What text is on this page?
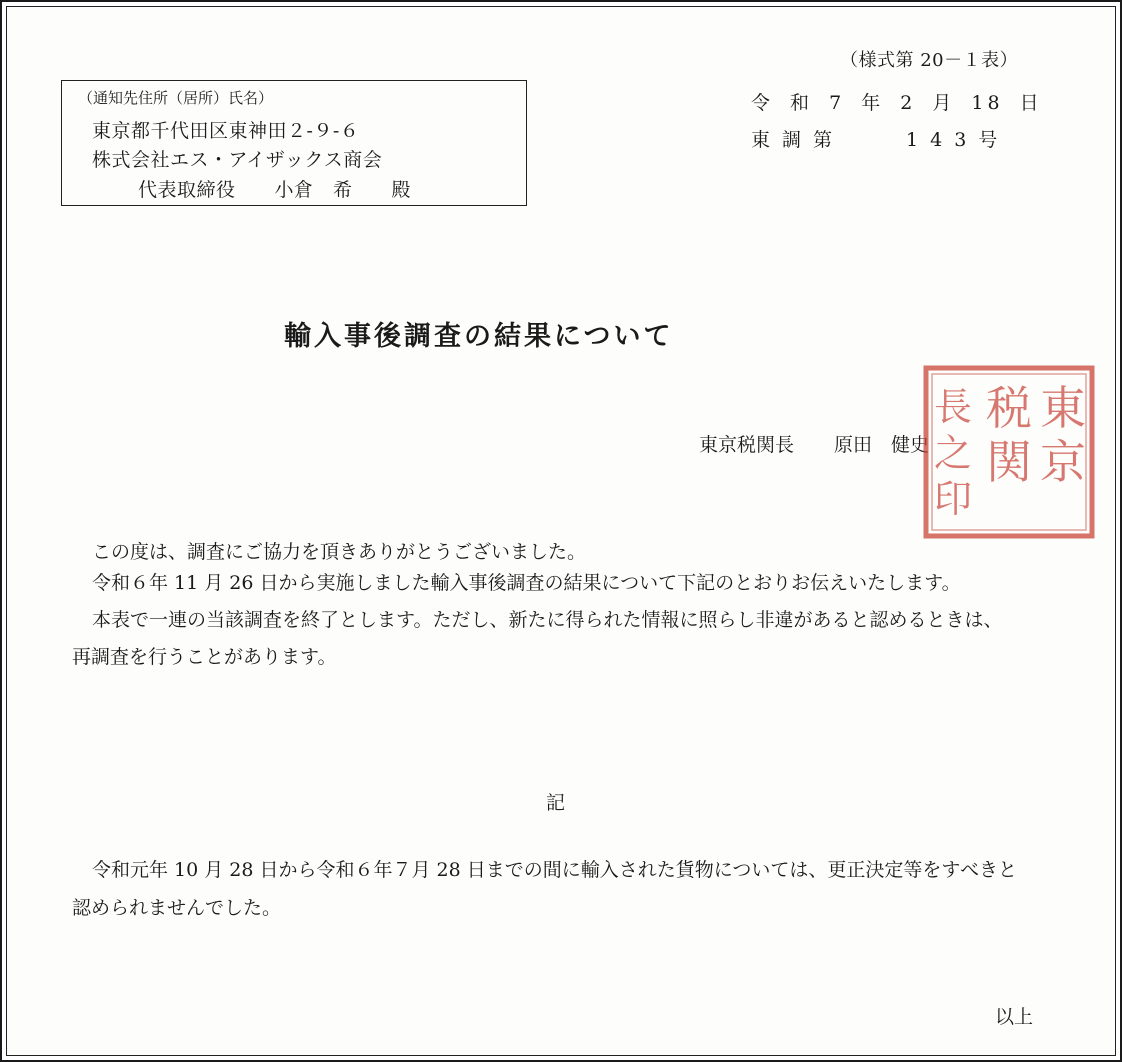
（様式第 20－１表）
（通知先住所（居所）氏名）
東京都千代田区東神田２‐９‐６
株式会社エス・アイザックス商会
代表取締役　　小倉　希　　殿
令 和 7 年 2 月 18 日
東調第	143号
輸入事後調査の結果について
東京税関長 原田　健史
東
京
税
関
長
之
印
この度は、調査にご協力を頂きありがとうございました。
令和６年 11 月 26 日から実施しました輸入事後調査の結果について下記のとおりお伝えいたします。
本表で一連の当該調査を終了とします。ただし、新たに得られた情報に照らし非違があると認めるときは、
再調査を行うことがあります。
記
令和元年 10 月 28 日から令和６年７月 28 日までの間に輸入された貨物については、更正決定等をすべきと
認められませんでした。
以上
